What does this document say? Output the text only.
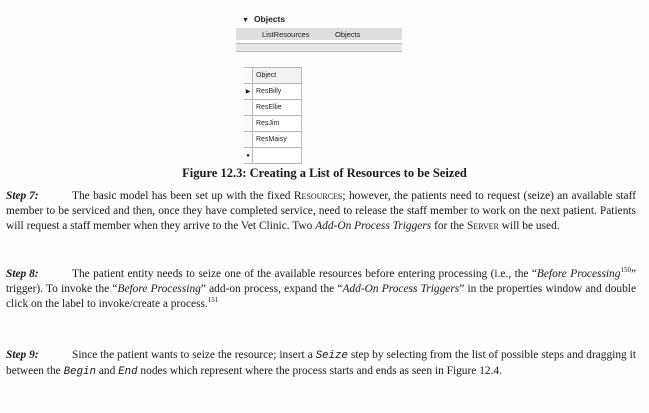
▼ Objects
ListResources	Objects
	Object
▶	ResBilly
	ResEllie
	ResJim
	ResMaisy
●	
Figure 12.3: Creating a List of Resources to be Seized
Step 7:	The basic model has been set up with the fixed Resources; however, the patients need to request (seize) an available staff member to be serviced and then, once they have completed service, need to release the staff member to work on the next patient. Patients will request a staff member when they arrive to the Vet Clinic. Two Add-On Process Triggers for the Server will be used.

Step 8:	The patient entity needs to seize one of the available resources before entering processing (i.e., the “Before Processing$^{150}$” trigger). To invoke the “Before Processing” add-on process, expand the “Add-On Process Triggers” in the properties window and double click on the label to invoke/create a process.$^{151}$

Step 9:	Since the patient wants to seize the resource; insert a Seize step by selecting from the list of possible steps and dragging it between the Begin and End nodes which represent where the process starts and ends as seen in Figure 12.4.
